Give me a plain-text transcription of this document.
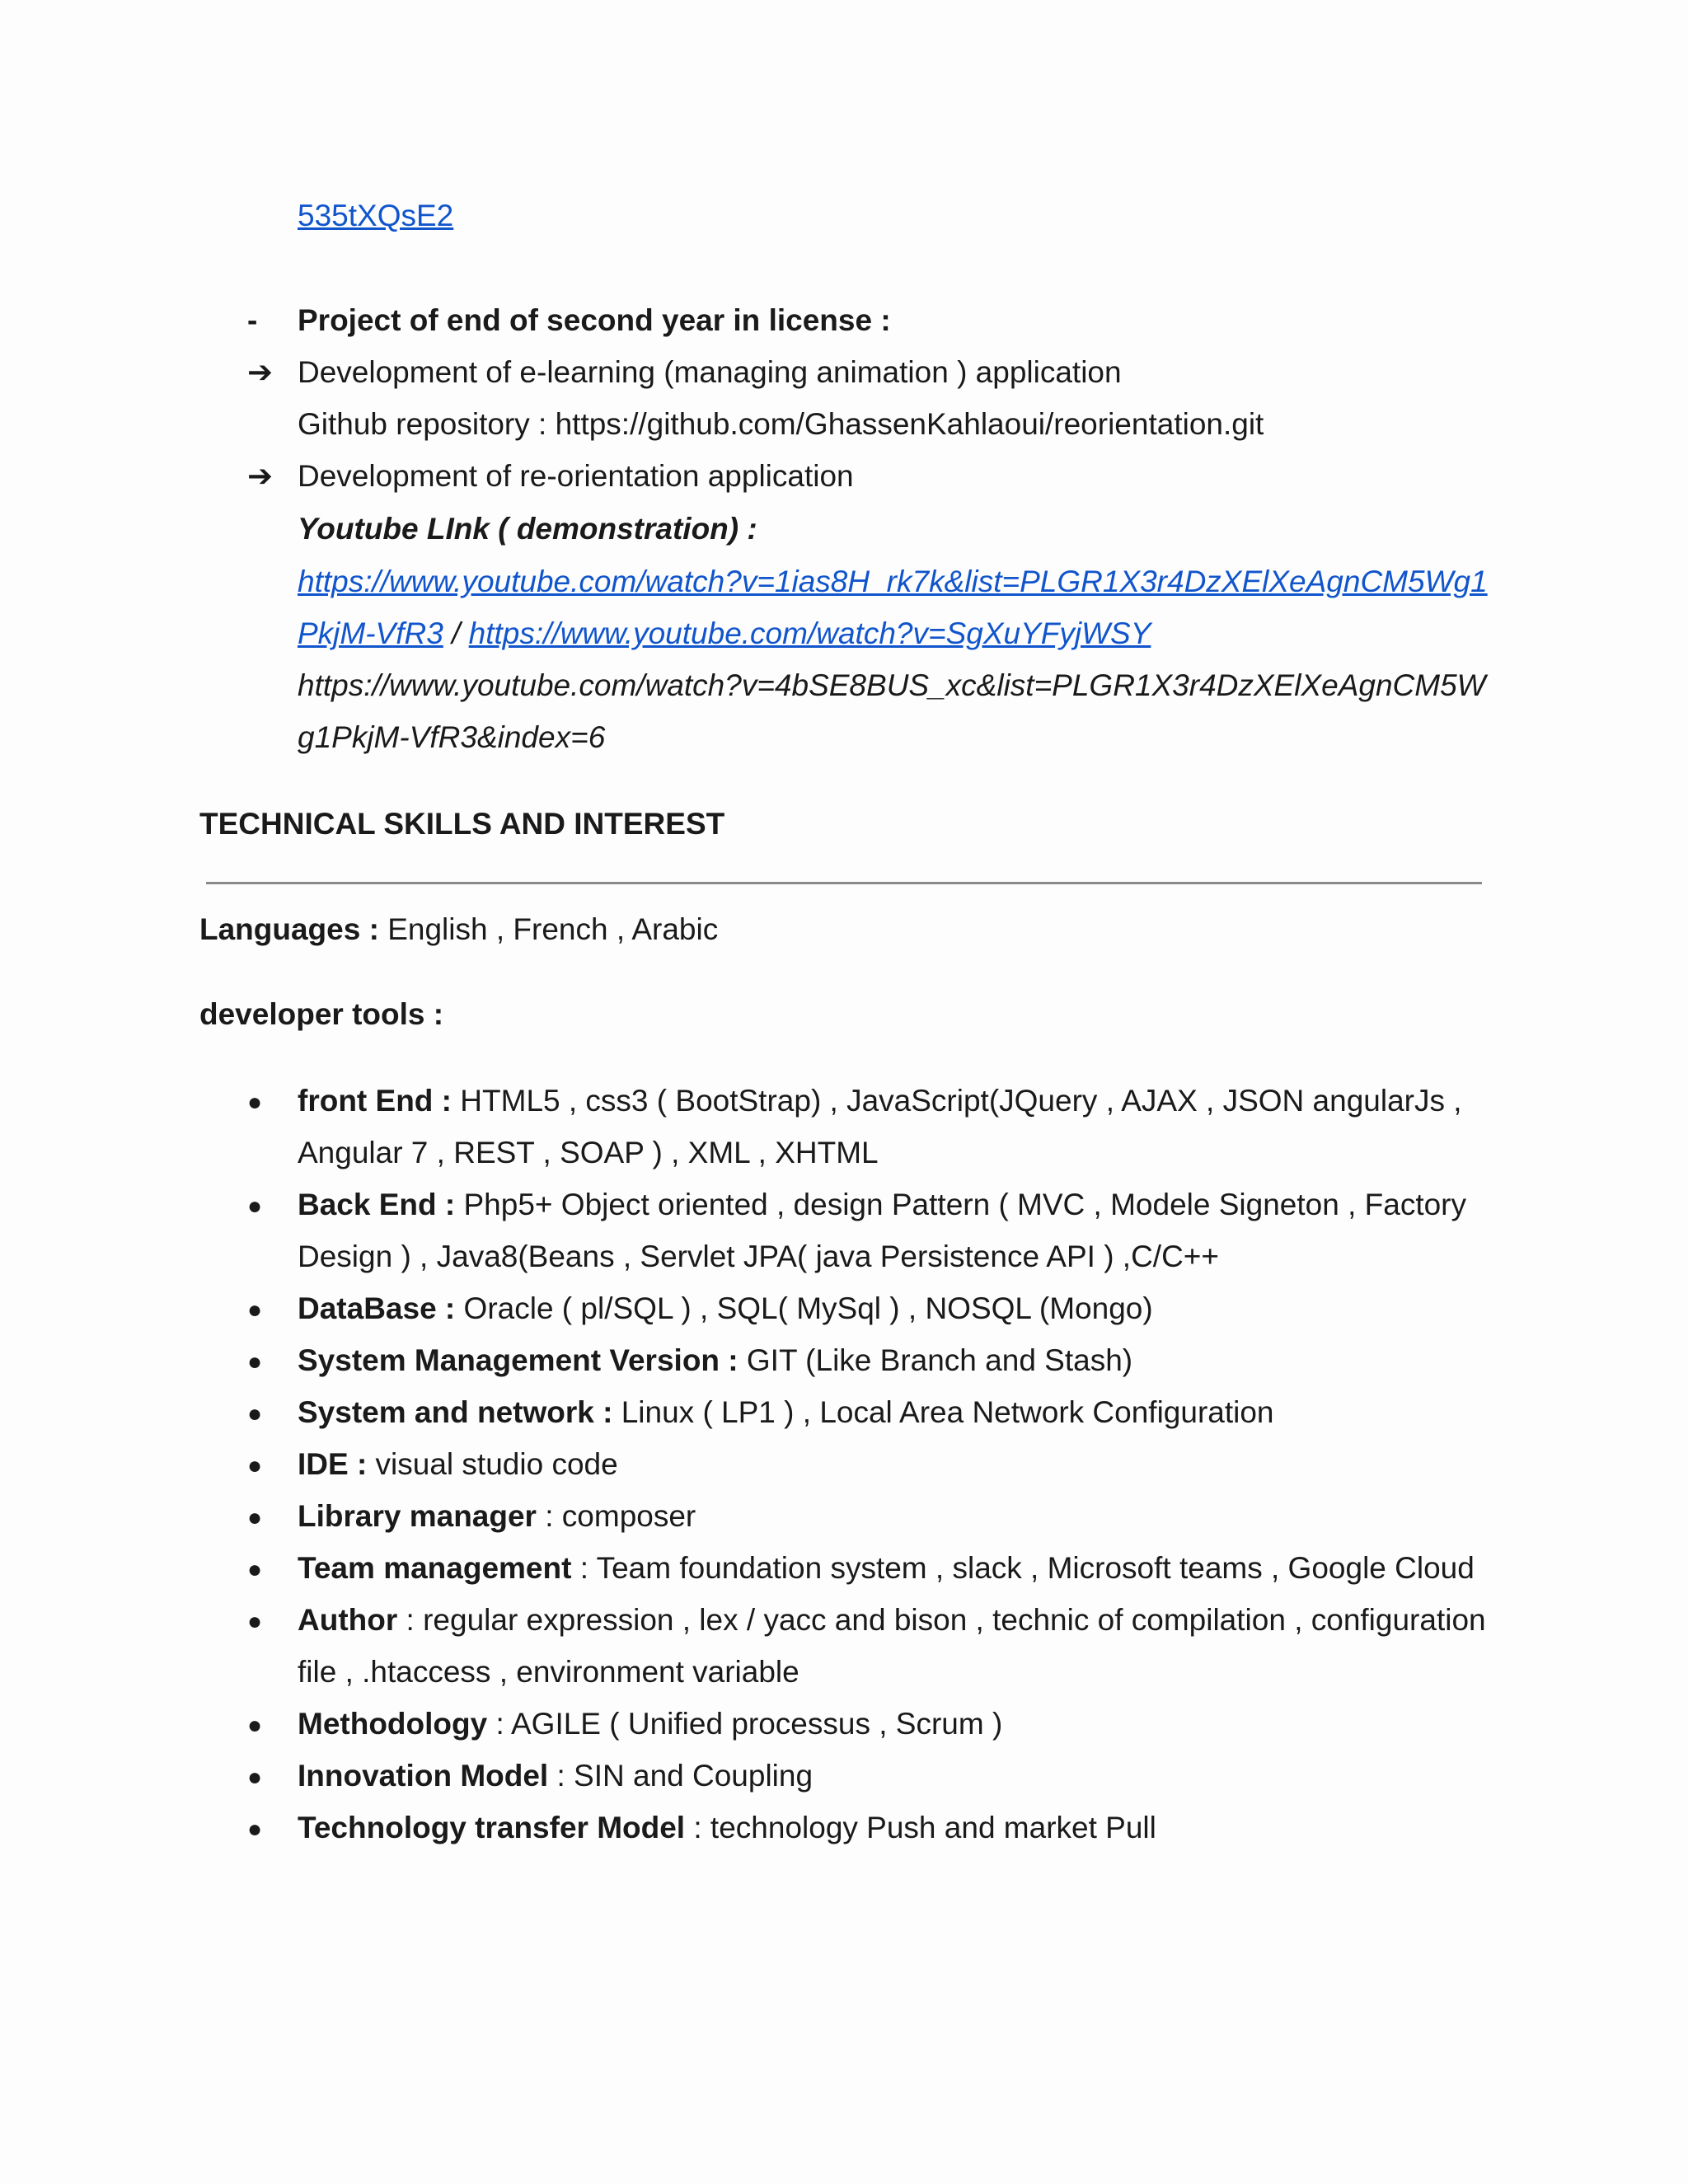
535tXQsE2
- Project of end of second year in license :
➔ Development of e-learning (managing animation ) application
Github repository : https://github.com/GhassenKahlaoui/reorientation.git
➔ Development of re-orientation application
Youtube LInk ( demonstration) :
https://www.youtube.com/watch?v=1ias8H_rk7k&list=PLGR1X3r4DzXElXeAgnCM5Wg1
PkjM-VfR3 / https://www.youtube.com/watch?v=SgXuYFyjWSY
https://www.youtube.com/watch?v=4bSE8BUS_xc&list=PLGR1X3r4DzXElXeAgnCM5W
g1PkjM-VfR3&index=6
TECHNICAL SKILLS AND INTEREST
Languages : English , French , Arabic
developer tools :
● front End : HTML5 , css3 ( BootStrap) , JavaScript(JQuery , AJAX , JSON angularJs ,
Angular 7 , REST , SOAP ) , XML , XHTML
● Back End : Php5+ Object oriented , design Pattern ( MVC , Modele Signeton , Factory
Design ) , Java8(Beans , Servlet JPA( java Persistence API ) ,C/C++
● DataBase : Oracle ( pl/SQL ) , SQL( MySql ) , NOSQL (Mongo)
● System Management Version : GIT (Like Branch and Stash)
● System and network : Linux ( LP1 ) , Local Area Network Configuration
● IDE : visual studio code
● Library manager : composer
● Team management : Team foundation system , slack , Microsoft teams , Google Cloud
● Author : regular expression , lex / yacc and bison , technic of compilation , configuration
file , .htaccess , environment variable
● Methodology : AGILE ( Unified processus , Scrum )
● Innovation Model : SIN and Coupling
● Technology transfer Model : technology Push and market Pull
